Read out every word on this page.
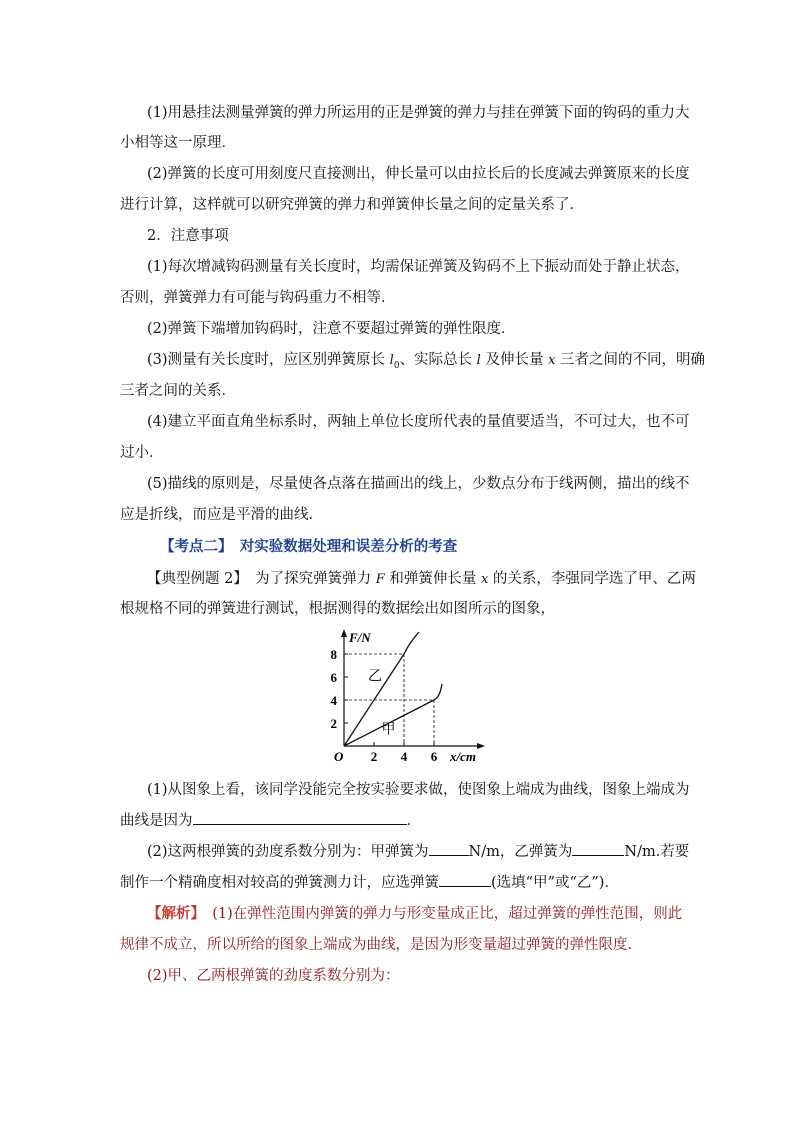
(1)用悬挂法测量弹簧的弹力所运用的正是弹簧的弹力与挂在弹簧下面的钩码的重力大
小相等这一原理．
(2)弹簧的长度可用刻度尺直接测出，伸长量可以由拉长后的长度减去弹簧原来的长度
进行计算，这样就可以研究弹簧的弹力和弹簧伸长量之间的定量关系了．
2．注意事项
(1)每次增减钩码测量有关长度时，均需保证弹簧及钩码不上下振动而处于静止状态，
否则，弹簧弹力有可能与钩码重力不相等．
(2)弹簧下端增加钩码时，注意不要超过弹簧的弹性限度．
(3)测量有关长度时，应区别弹簧原长 $l_0$、实际总长 l 及伸长量 x 三者之间的不同，明确
三者之间的关系．
(4)建立平面直角坐标系时，两轴上单位长度所代表的量值要适当，不可过大，也不可
过小．
(5)描线的原则是，尽量使各点落在描画出的线上，少数点分布于线两侧，描出的线不
应是折线，而应是平滑的曲线．
【考点二】　对实验数据处理和误差分析的考查
【典型例题 2】　为了探究弹簧弹力 F 和弹簧伸长量 x 的关系，李强同学选了甲、乙两
根规格不同的弹簧进行测试，根据测得的数据绘出如图所示的图象，
F/N
x/cm
O 2 4 6
2
4
6
8
乙
甲
(1)从图象上看，该同学没能完全按实验要求做，使图象上端成为曲线，图象上端成为
曲线是因为	．
(2)这两根弹簧的劲度系数分别为：甲弹簧为	N/m，乙弹簧为	N/m.若要
制作一个精确度相对较高的弹簧测力计，应选弹簧	(选填“甲”或“乙”)．
【解析】　(1)在弹性范围内弹簧的弹力与形变量成正比，超过弹簧的弹性范围，则此
规律不成立，所以所给的图象上端成为曲线，是因为形变量超过弹簧的弹性限度．
(2)甲、乙两根弹簧的劲度系数分别为：
